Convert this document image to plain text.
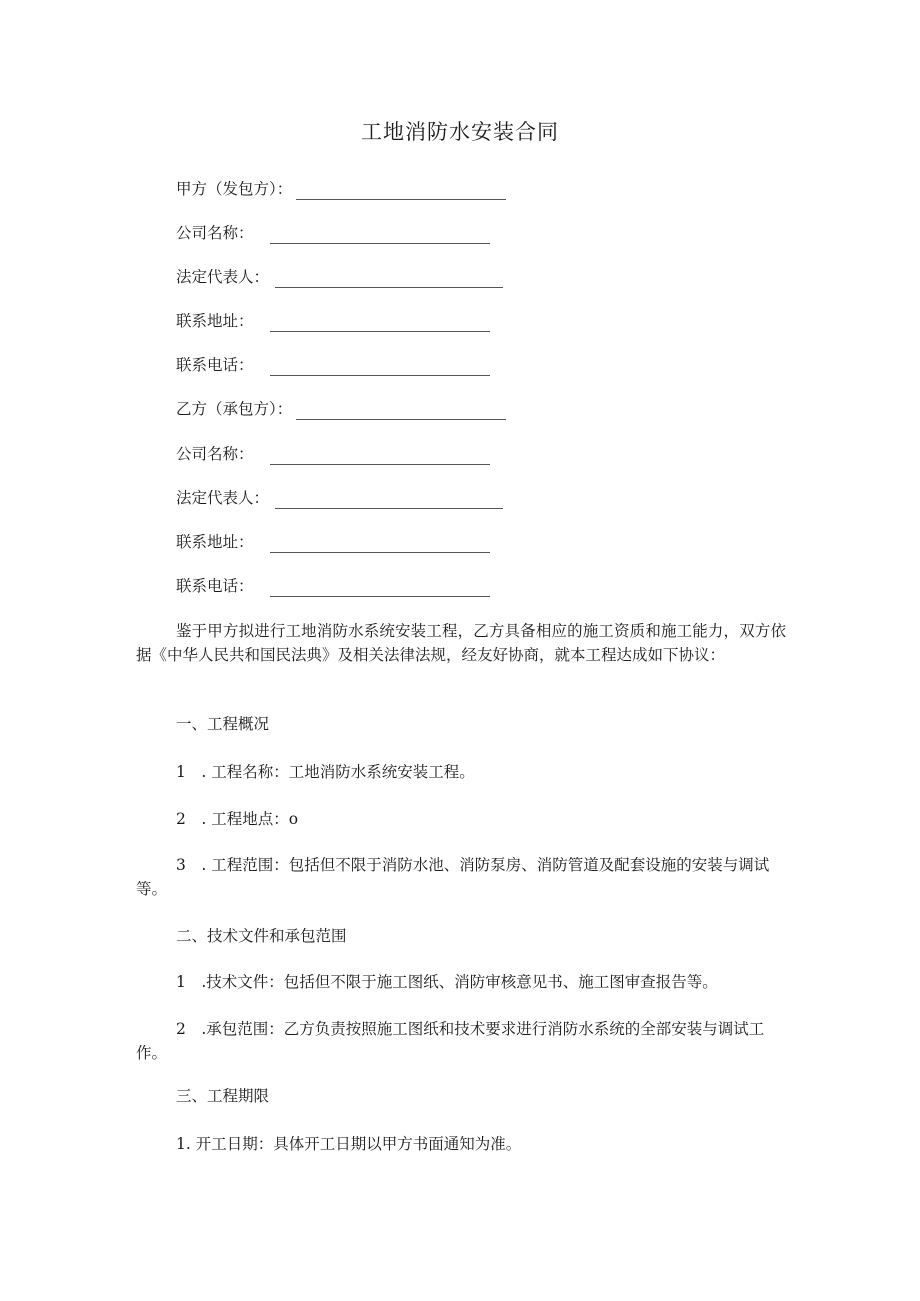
工地消防水安装合同
甲方（发包方）：
公司名称：
法定代表人：
联系地址：
联系电话：
乙方（承包方）：
公司名称：
法定代表人：
联系地址：
联系电话：
鉴于甲方拟进行工地消防水系统安装工程，乙方具备相应的施工资质和施工能力，双方依据《中华人民共和国民法典》及相关法律法规，经友好协商，就本工程达成如下协议：
一、工程概况
1　. 工程名称：工地消防水系统安装工程。
2　. 工程地点：o
3　. 工程范围：包括但不限于消防水池、消防泵房、消防管道及配套设施的安装与调试等。
二、技术文件和承包范围
1　.技术文件：包括但不限于施工图纸、消防审核意见书、施工图审查报告等。
2　.承包范围：乙方负责按照施工图纸和技术要求进行消防水系统的全部安装与调试工作。
三、工程期限
1. 开工日期：具体开工日期以甲方书面通知为准。
